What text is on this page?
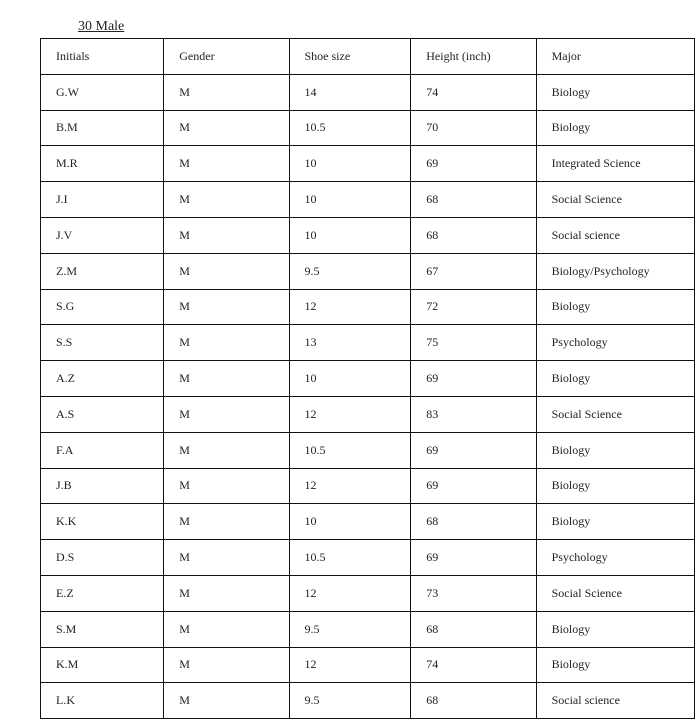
30 Male
Initials	Gender	Shoe size	Height (inch)	Major
G.W	M	14	74	Biology
B.M	M	10.5	70	Biology
M.R	M	10	69	Integrated Science
J.I	M	10	68	Social Science
J.V	M	10	68	Social science
Z.M	M	9.5	67	Biology/Psychology
S.G	M	12	72	Biology
S.S	M	13	75	Psychology
A.Z	M	10	69	Biology
A.S	M	12	83	Social Science
F.A	M	10.5	69	Biology
J.B	M	12	69	Biology
K.K	M	10	68	Biology
D.S	M	10.5	69	Psychology
E.Z	M	12	73	Social Science
S.M	M	9.5	68	Biology
K.M	M	12	74	Biology
L.K	M	9.5	68	Social science
